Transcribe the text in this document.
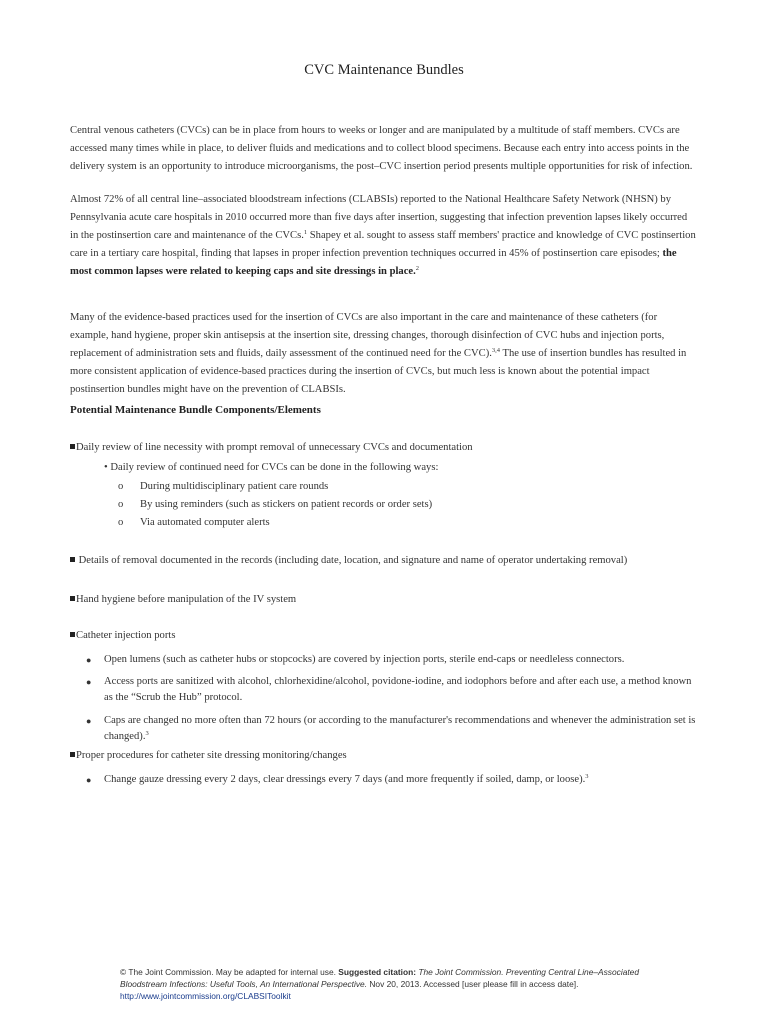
CVC Maintenance Bundles
Central venous catheters (CVCs) can be in place from hours to weeks or longer and are manipulated by a multitude of staff members. CVCs are accessed many times while in place, to deliver fluids and medications and to collect blood specimens. Because each entry into access points in the delivery system is an opportunity to introduce microorganisms, the post–CVC insertion period presents multiple opportunities for risk of infection.
Almost 72% of all central line–associated bloodstream infections (CLABSIs) reported to the National Healthcare Safety Network (NHSN) by Pennsylvania acute care hospitals in 2010 occurred more than five days after insertion, suggesting that infection prevention lapses likely occurred in the postinsertion care and maintenance of the CVCs.$^1$ Shapey et al. sought to assess staff members' practice and knowledge of CVC postinsertion care in a tertiary care hospital, finding that lapses in proper infection prevention techniques occurred in 45% of postinsertion care episodes; the most common lapses were related to keeping caps and site dressings in place.$^2$
Many of the evidence-based practices used for the insertion of CVCs are also important in the care and maintenance of these catheters (for example, hand hygiene, proper skin antisepsis at the insertion site, dressing changes, thorough disinfection of CVC hubs and injection ports, replacement of administration sets and fluids, daily assessment of the continued need for the CVC).$^{3,4}$ The use of insertion bundles has resulted in more consistent application of evidence-based practices during the insertion of CVCs, but much less is known about the potential impact postinsertion bundles might have on the prevention of CLABSIs.
Potential Maintenance Bundle Components/Elements
Daily review of line necessity with prompt removal of unnecessary CVCs and documentation
• Daily review of continued need for CVCs can be done in the following ways:
o During multidisciplinary patient care rounds
o By using reminders (such as stickers on patient records or order sets)
o Via automated computer alerts
Details of removal documented in the records (including date, location, and signature and name of operator undertaking removal)
Hand hygiene before manipulation of the IV system
Catheter injection ports
●	Open lumens (such as catheter hubs or stopcocks) are covered by injection ports, sterile end-caps or needleless connectors.
●	Access ports are sanitized with alcohol, chlorhexidine/alcohol, povidone-iodine, and iodophors before and after each use, a method known as the “Scrub the Hub” protocol.
●	Caps are changed no more often than 72 hours (or according to the manufacturer's recommendations and whenever the administration set is changed).$^3$
Proper procedures for catheter site dressing monitoring/changes
●	Change gauze dressing every 2 days, clear dressings every 7 days (and more frequently if soiled, damp, or loose).$^3$
© The Joint Commission. May be adapted for internal use. Suggested citation: The Joint Commission. Preventing Central Line–Associated Bloodstream Infections: Useful Tools, An International Perspective. Nov 20, 2013. Accessed [user please fill in access date]. http://www.jointcommission.org/CLABSIToolkit
